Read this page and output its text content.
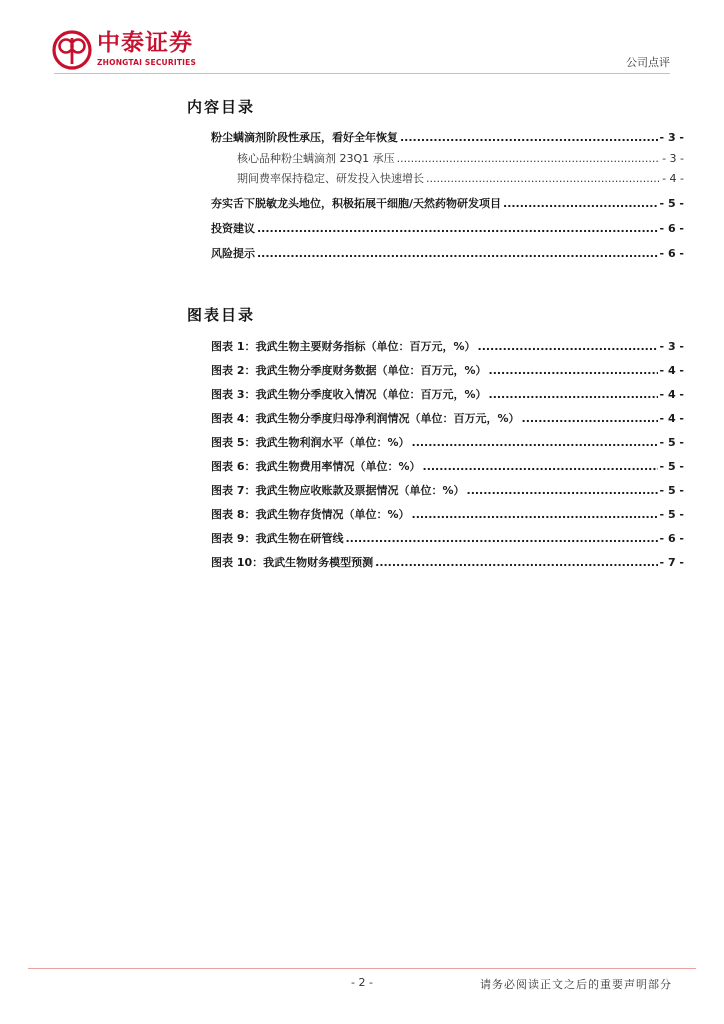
中泰证券
ZHONGTAI SECURITIES	公司点评
内容目录
粉尘螨滴剂阶段性承压，看好全年恢复 .....	- 3 -
核心品种粉尘螨滴剂 23Q1 承压 .....	- 3 -
期间费率保持稳定、研发投入快速增长 .....	- 4 -
夯实舌下脱敏龙头地位，积极拓展干细胞/天然药物研发项目 .....	- 5 -
投资建议 .....	- 6 -
风险提示 .....	- 6 -
图表目录
图表 1：我武生物主要财务指标（单位：百万元，%） .....	- 3 -
图表 2：我武生物分季度财务数据（单位：百万元，%） .....	- 4 -
图表 3：我武生物分季度收入情况（单位：百万元，%） .....	- 4 -
图表 4：我武生物分季度归母净利润情况（单位：百万元，%） .....	- 4 -
图表 5：我武生物利润水平（单位：%） .....	- 5 -
图表 6：我武生物费用率情况（单位：%） .....	- 5 -
图表 7：我武生物应收账款及票据情况（单位：%） .....	- 5 -
图表 8：我武生物存货情况（单位：%） .....	- 5 -
图表 9：我武生物在研管线 .....	- 6 -
图表 10：我武生物财务模型预测 .....	- 7 -
- 2 -	请务必阅读正文之后的重要声明部分
